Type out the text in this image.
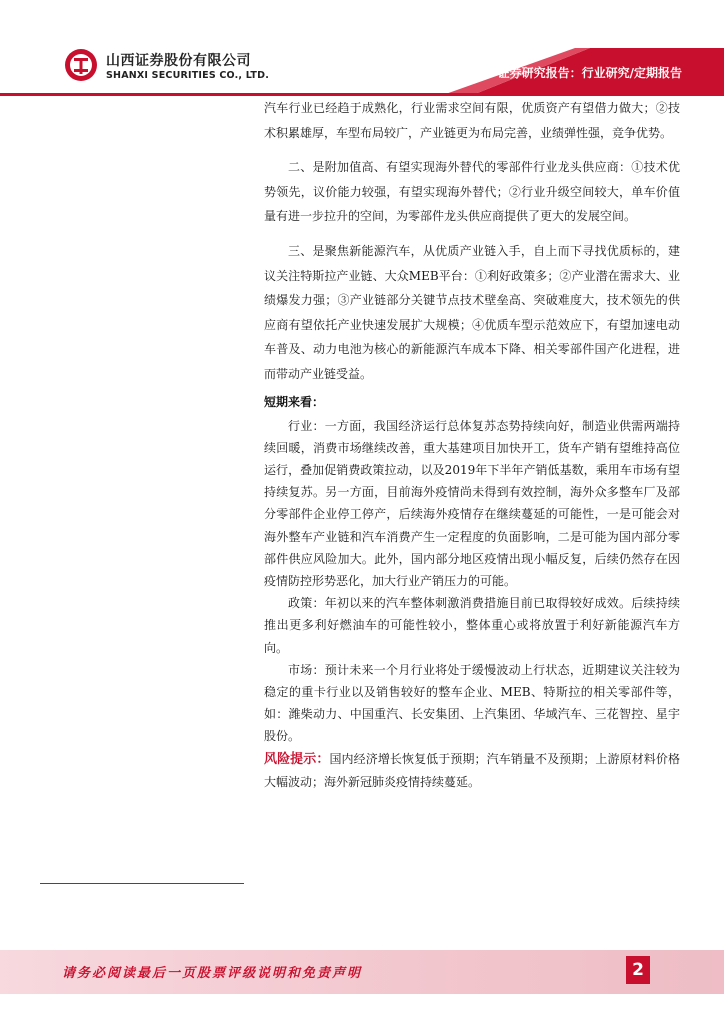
山西证券股份有限公司
SHANXI SECURITIES CO., LTD.	证券研究报告：行业研究/定期报告

汽车行业已经趋于成熟化，行业需求空间有限，优质资产有望借力做大；②技术积累雄厚，车型布局较广，产业链更为布局完善，业绩弹性强，竞争优势。

二、是附加值高、有望实现海外替代的零部件行业龙头供应商：①技术优势领先，议价能力较强，有望实现海外替代；②行业升级空间较大，单车价值量有进一步拉升的空间，为零部件龙头供应商提供了更大的发展空间。

三、是聚焦新能源汽车，从优质产业链入手，自上而下寻找优质标的，建议关注特斯拉产业链、大众MEB平台：①利好政策多；②产业潜在需求大、业绩爆发力强；③产业链部分关键节点技术壁垒高、突破难度大，技术领先的供应商有望依托产业快速发展扩大规模；④优质车型示范效应下，有望加速电动车普及、动力电池为核心的新能源汽车成本下降、相关零部件国产化进程，进而带动产业链受益。

短期来看：

行业：一方面，我国经济运行总体复苏态势持续向好，制造业供需两端持续回暖，消费市场继续改善，重大基建项目加快开工，货车产销有望维持高位运行，叠加促销费政策拉动，以及2019年下半年产销低基数，乘用车市场有望持续复苏。另一方面，目前海外疫情尚未得到有效控制，海外众多整车厂及部分零部件企业停工停产，后续海外疫情存在继续蔓延的可能性，一是可能会对海外整车产业链和汽车消费产生一定程度的负面影响，二是可能为国内部分零部件供应风险加大。此外，国内部分地区疫情出现小幅反复，后续仍然存在因疫情防控形势恶化，加大行业产销压力的可能。

政策：年初以来的汽车整体刺激消费措施目前已取得较好成效。后续持续推出更多利好燃油车的可能性较小，整体重心或将放置于利好新能源汽车方向。

市场：预计未来一个月行业将处于缓慢波动上行状态，近期建议关注较为稳定的重卡行业以及销售较好的整车企业、MEB、特斯拉的相关零部件等，如：潍柴动力、中国重汽、长安集团、上汽集团、华域汽车、三花智控、星宇股份。

风险提示：国内经济增长恢复低于预期；汽车销量不及预期；上游原材料价格大幅波动；海外新冠肺炎疫情持续蔓延。

请务必阅读最后一页股票评级说明和免责声明	2
